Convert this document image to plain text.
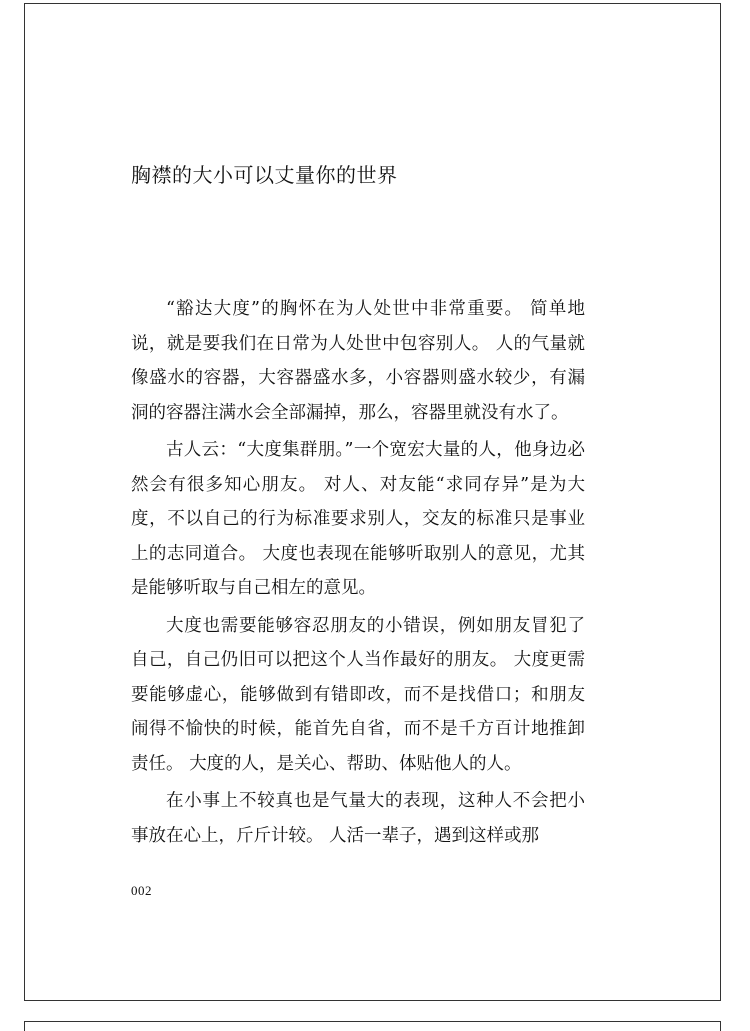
胸襟的大小可以丈量你的世界

“豁达大度”的胸怀在为人处世中非常重要。 简单地说，就是要我们在日常为人处世中包容别人。 人的气量就像盛水的容器，大容器盛水多，小容器则盛水较少，有漏洞的容器注满水会全部漏掉，那么，容器里就没有水了。

古人云：“大度集群朋。”一个宽宏大量的人，他身边必然会有很多知心朋友。 对人、对友能“求同存异”是为大度，不以自己的行为标准要求别人，交友的标准只是事业上的志同道合。 大度也表现在能够听取别人的意见，尤其是能够听取与自己相左的意见。

大度也需要能够容忍朋友的小错误，例如朋友冒犯了自己，自己仍旧可以把这个人当作最好的朋友。 大度更需要能够虚心，能够做到有错即改，而不是找借口；和朋友闹得不愉快的时候，能首先自省，而不是千方百计地推卸责任。 大度的人，是关心、帮助、体贴他人的人。

在小事上不较真也是气量大的表现，这种人不会把小事放在心上，斤斤计较。 人活一辈子，遇到这样或那

002
